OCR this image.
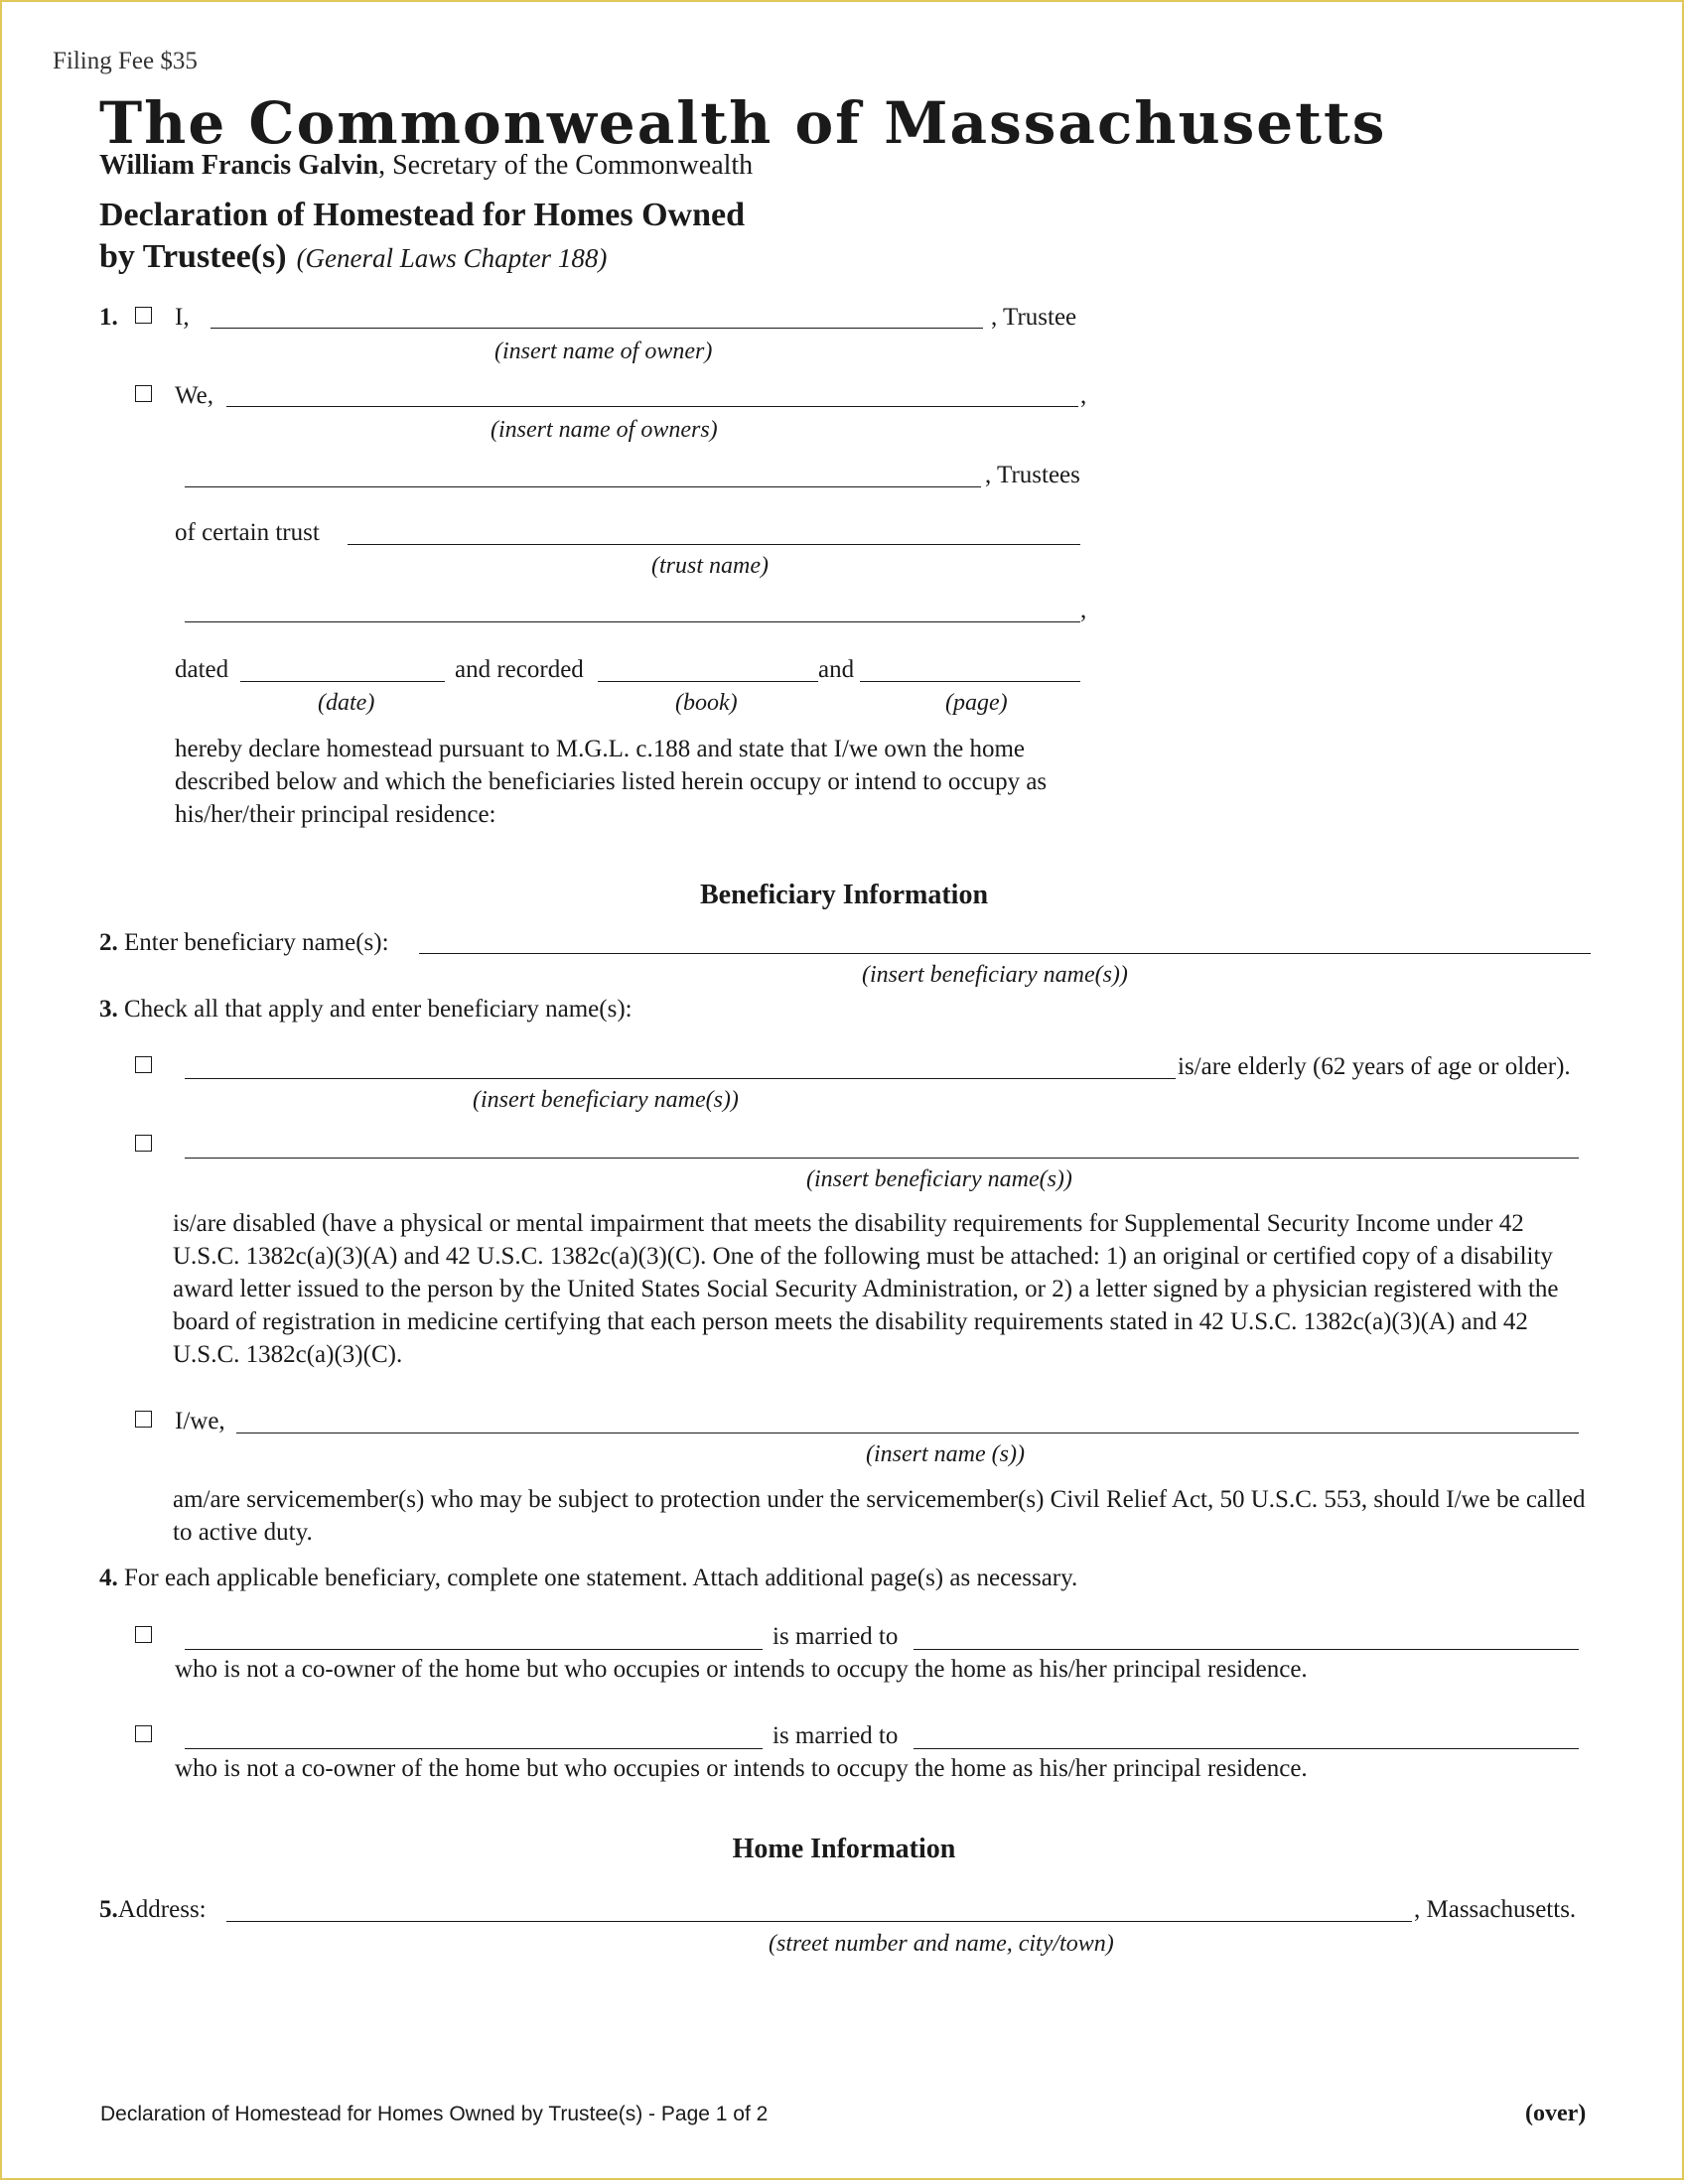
Filing Fee $35
The Commonwealth of Massachusetts
William Francis Galvin, Secretary of the Commonwealth
Declaration of Homestead for Homes Owned
by Trustee(s) (General Laws Chapter 188)
1. I,	, Trustee
(insert name of owner)
We,	,
(insert name of owners)
, Trustees
of certain trust
(trust name)
,
dated	and recorded	and
(date)	(book)	(page)
hereby declare homestead pursuant to M.G.L. c.188 and state that I/we own the home described below and which the beneficiaries listed herein occupy or intend to occupy as his/her/their principal residence:
Beneficiary Information
2. Enter beneficiary name(s):
(insert beneficiary name(s))
3. Check all that apply and enter beneficiary name(s):
is/are elderly (62 years of age or older).
(insert beneficiary name(s))
(insert beneficiary name(s))
is/are disabled (have a physical or mental impairment that meets the disability requirements for Supplemental Security Income under 42 U.S.C. 1382c(a)(3)(A) and 42 U.S.C. 1382c(a)(3)(C). One of the following must be attached: 1) an original or certified copy of a disability award letter issued to the person by the United States Social Security Administration, or 2) a letter signed by a physician registered with the board of registration in medicine certifying that each person meets the disability requirements stated in 42 U.S.C. 1382c(a)(3)(A) and 42 U.S.C. 1382c(a)(3)(C).
I/we,
(insert name (s))
am/are servicemember(s) who may be subject to protection under the servicemember(s) Civil Relief Act, 50 U.S.C. 553, should I/we be called to active duty.
4. For each applicable beneficiary, complete one statement. Attach additional page(s) as necessary.
is married to
who is not a co-owner of the home but who occupies or intends to occupy the home as his/her principal residence.
is married to
who is not a co-owner of the home but who occupies or intends to occupy the home as his/her principal residence.
Home Information
5.Address:	, Massachusetts.
(street number and name, city/town)
Declaration of Homestead for Homes Owned by Trustee(s) - Page 1 of 2	(over)
